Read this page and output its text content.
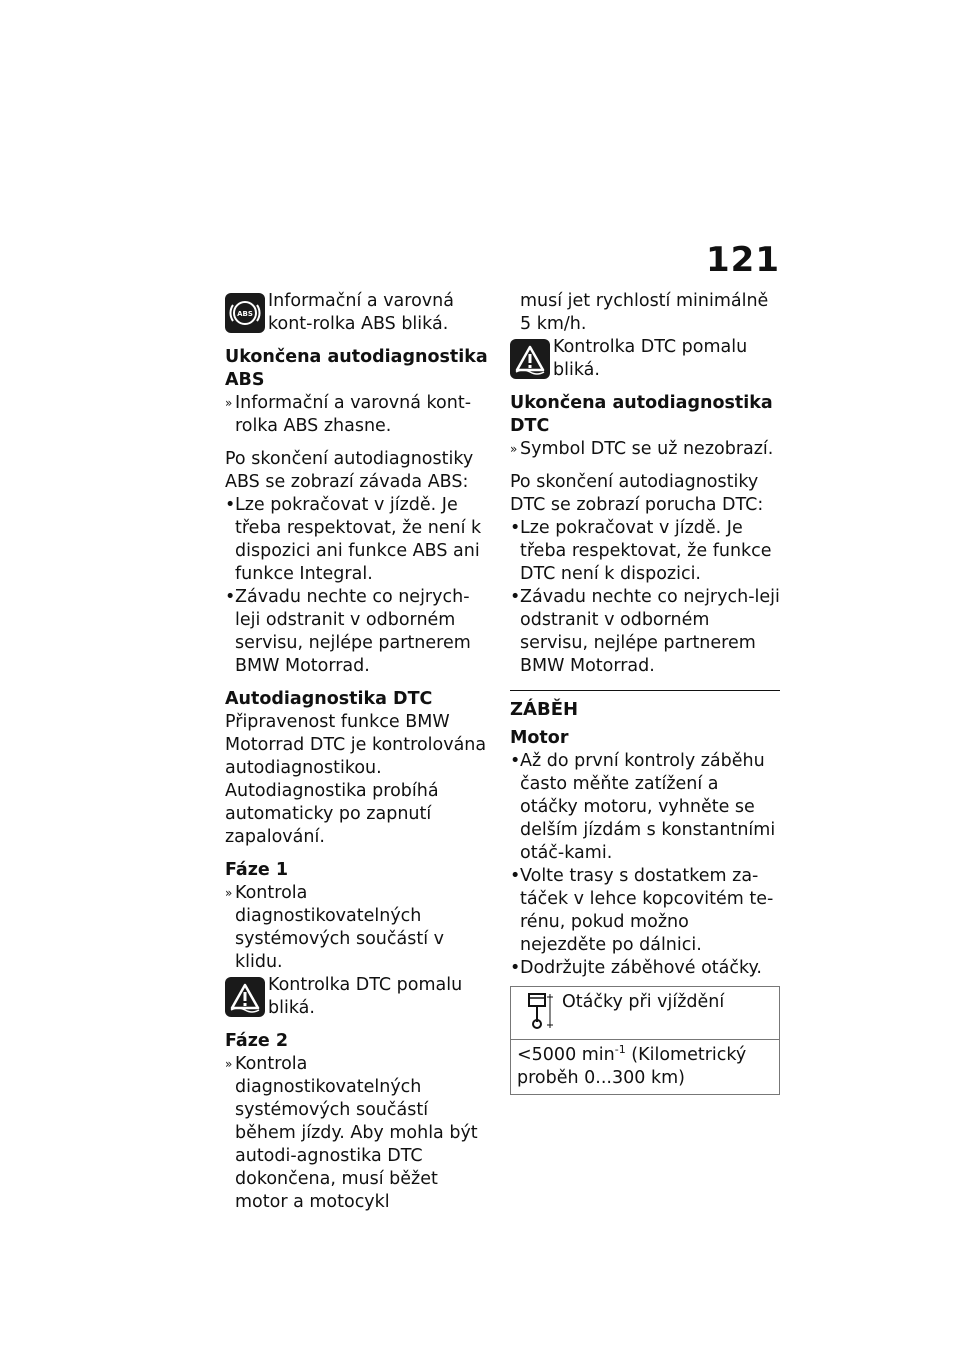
121
ABS
Informační a varovná kont-rolka ABS bliká.

Ukončena autodiagnostika ABS

» Informační a varovná kont-rolka ABS zhasne.

Po skončení autodiagnostiky ABS se zobrazí závada ABS:

• Lze pokračovat v jízdě. Je třeba respektovat, že není k dispozici ani funkce ABS ani funkce Integral.
• Závadu nechte co nejrych-leji odstranit v odborném servisu, nejlépe partnerem BMW Motorrad.

Autodiagnostika DTC

Připravenost funkce BMW Motorrad DTC je kontrolována autodiagnostikou. Autodiagnostika probíhá automaticky po zapnutí zapalování.

Fáze 1

» Kontrola diagnostikovatelných systémových součástí v klidu.
Kontrolka DTC pomalu bliká.

Fáze 2

» Kontrola diagnostikovatelných systémových součástí během jízdy. Aby mohla být autodi-agnostika DTC dokončena, musí běžet motor a motocykl

musí jet rychlostí minimálně 5 km/h.

Kontrolka DTC pomalu bliká.

Ukončena autodiagnostika DTC

» Symbol DTC se už nezobrazí.

Po skončení autodiagnostiky DTC se zobrazí porucha DTC:

• Lze pokračovat v jízdě. Je třeba respektovat, že funkce DTC není k dispozici.
• Závadu nechte co nejrych-leji odstranit v odborném servisu, nejlépe partnerem BMW Motorrad.

ZÁBĚH

Motor

• Až do první kontroly záběhu často měňte zatížení a otáčky motoru, vyhněte se delším jízdám s konstantními otáč-kami.
• Volte trasy s dostatkem za-táček v lehce kopcovitém te-rénu, pokud možno nejezděte po dálnici.
• Dodržujte záběhové otáčky.
Otáčky při vjíždění

<5000 $\min^{-1}$ (Kilometrický proběh 0...300 km)
